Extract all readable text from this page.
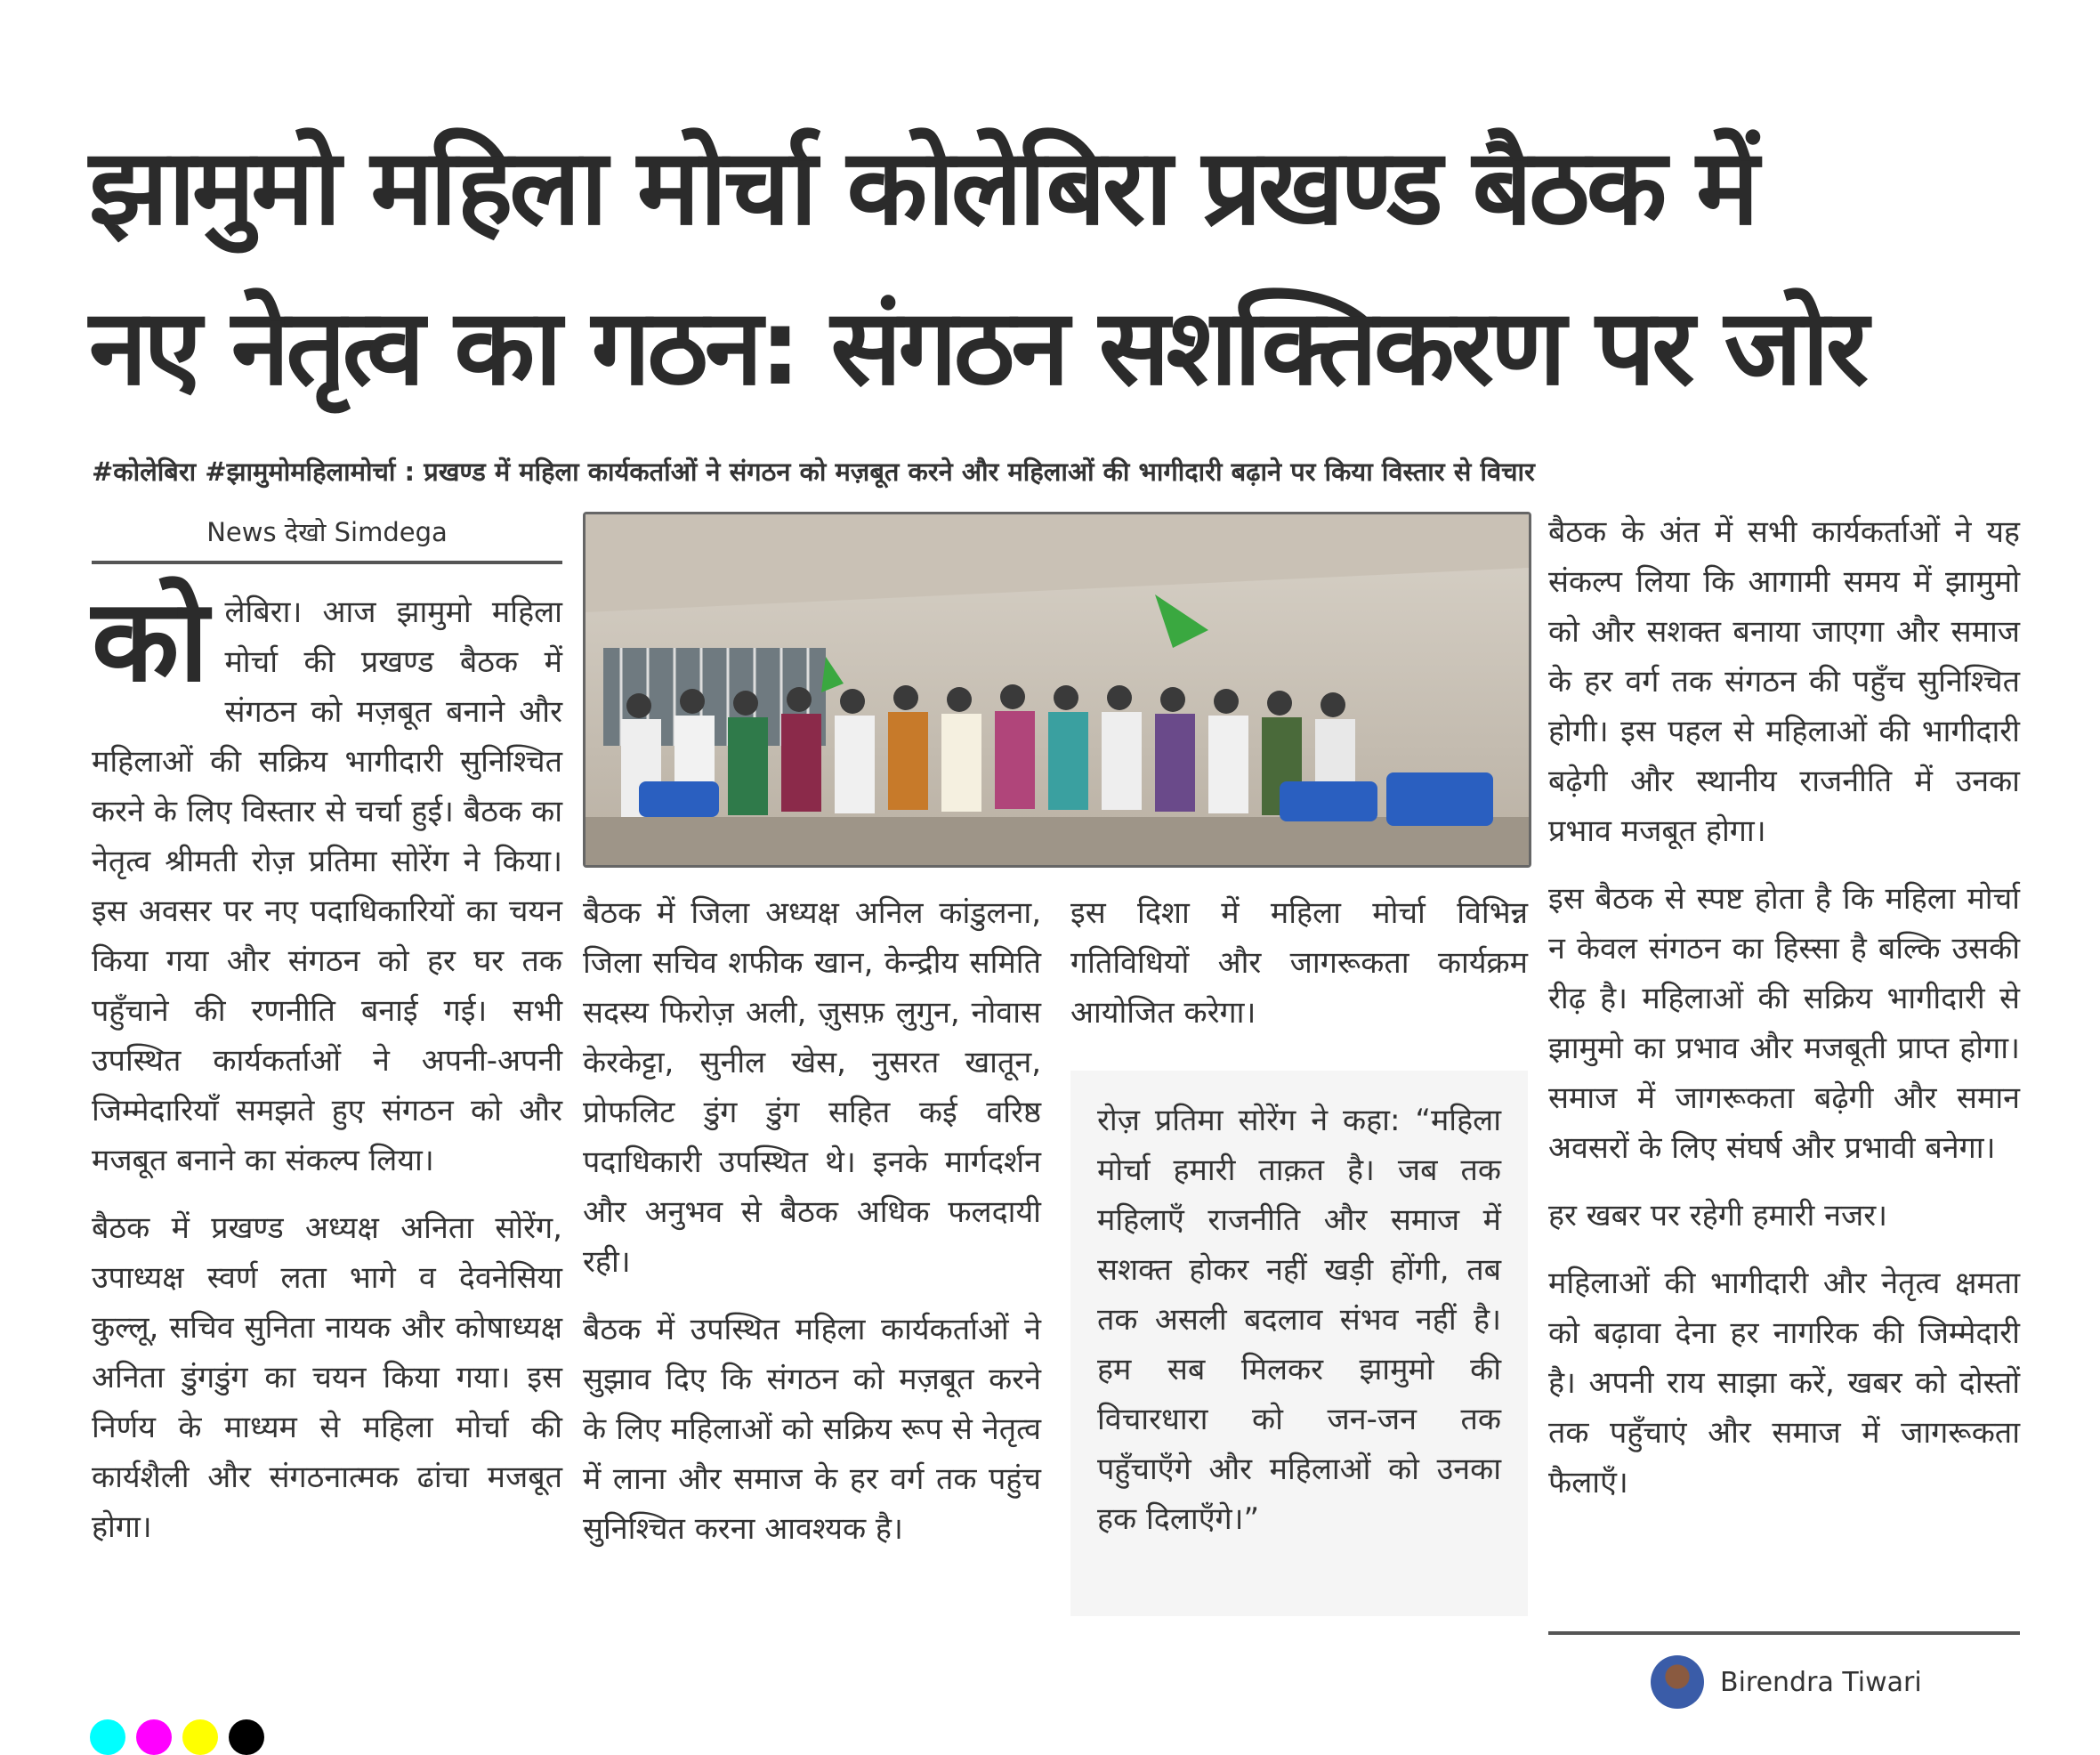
झामुमो महिला मोर्चा कोलेबिरा प्रखण्ड बैठक में
नए नेतृत्व का गठन: संगठन सशक्तिकरण पर जोर
#कोलेबिरा #झामुमोमहिलामोर्चा : प्रखण्ड में महिला कार्यकर्ताओं ने संगठन को मज़बूत करने और महिलाओं की भागीदारी बढ़ाने पर किया विस्तार से विचार
News देखो Simdega

कोलेबिरा। आज झामुमो महिला मोर्चा की प्रखण्ड बैठक में संगठन को मज़बूत बनाने और महिलाओं की सक्रिय भागीदारी सुनिश्चित करने के लिए विस्तार से चर्चा हुई। बैठक का नेतृत्व श्रीमती रोज़ प्रतिमा सोरेंग ने किया। इस अवसर पर नए पदाधिकारियों का चयन किया गया और संगठन को हर घर तक पहुँचाने की रणनीति बनाई गई। सभी उपस्थित कार्यकर्ताओं ने अपनी-अपनी जिम्मेदारियाँ समझते हुए संगठन को और मजबूत बनाने का संकल्प लिया।

बैठक में प्रखण्ड अध्यक्ष अनिता सोरेंग, उपाध्यक्ष स्वर्ण लता भागे व देवनेसिया कुल्लू, सचिव सुनिता नायक और कोषाध्यक्ष अनिता डुंगडुंग का चयन किया गया। इस निर्णय के माध्यम से महिला मोर्चा की कार्यशैली और संगठनात्मक ढांचा मजबूत होगा।

बैठक में जिला अध्यक्ष अनिल कांडुलना, जिला सचिव शफीक खान, केन्द्रीय समिति सदस्य फिरोज़ अली, ज़ुसफ़ लुगुन, नोवास केरकेट्टा, सुनील खेस, नुसरत खातून, प्रोफलिट डुंग डुंग सहित कई वरिष्ठ पदाधिकारी उपस्थित थे। इनके मार्गदर्शन और अनुभव से बैठक अधिक फलदायी रही।

बैठक में उपस्थित महिला कार्यकर्ताओं ने सुझाव दिए कि संगठन को मज़बूत करने के लिए महिलाओं को सक्रिय रूप से नेतृत्व में लाना और समाज के हर वर्ग तक पहुंच सुनिश्चित करना आवश्यक है।

इस दिशा में महिला मोर्चा विभिन्न गतिविधियों और जागरूकता कार्यक्रम आयोजित करेगा।

रोज़ प्रतिमा सोरेंग ने कहा: “महिला मोर्चा हमारी ताक़त है। जब तक महिलाएँ राजनीति और समाज में सशक्त होकर नहीं खड़ी होंगी, तब तक असली बदलाव संभव नहीं है। हम सब मिलकर झामुमो की विचारधारा को जन-जन तक पहुँचाएँगे और महिलाओं को उनका हक दिलाएँगे।”

बैठक के अंत में सभी कार्यकर्ताओं ने यह संकल्प लिया कि आगामी समय में झामुमो को और सशक्त बनाया जाएगा और समाज के हर वर्ग तक संगठन की पहुँच सुनिश्चित होगी। इस पहल से महिलाओं की भागीदारी बढ़ेगी और स्थानीय राजनीति में उनका प्रभाव मजबूत होगा।

इस बैठक से स्पष्ट होता है कि महिला मोर्चा न केवल संगठन का हिस्सा है बल्कि उसकी रीढ़ है। महिलाओं की सक्रिय भागीदारी से झामुमो का प्रभाव और मजबूती प्राप्त होगा। समाज में जागरूकता बढ़ेगी और समान अवसरों के लिए संघर्ष और प्रभावी बनेगा।

हर खबर पर रहेगी हमारी नजर।

महिलाओं की भागीदारी और नेतृत्व क्षमता को बढ़ावा देना हर नागरिक की जिम्मेदारी है। अपनी राय साझा करें, खबर को दोस्तों तक पहुँचाएं और समाज में जागरूकता फैलाएँ।

Birendra Tiwari
